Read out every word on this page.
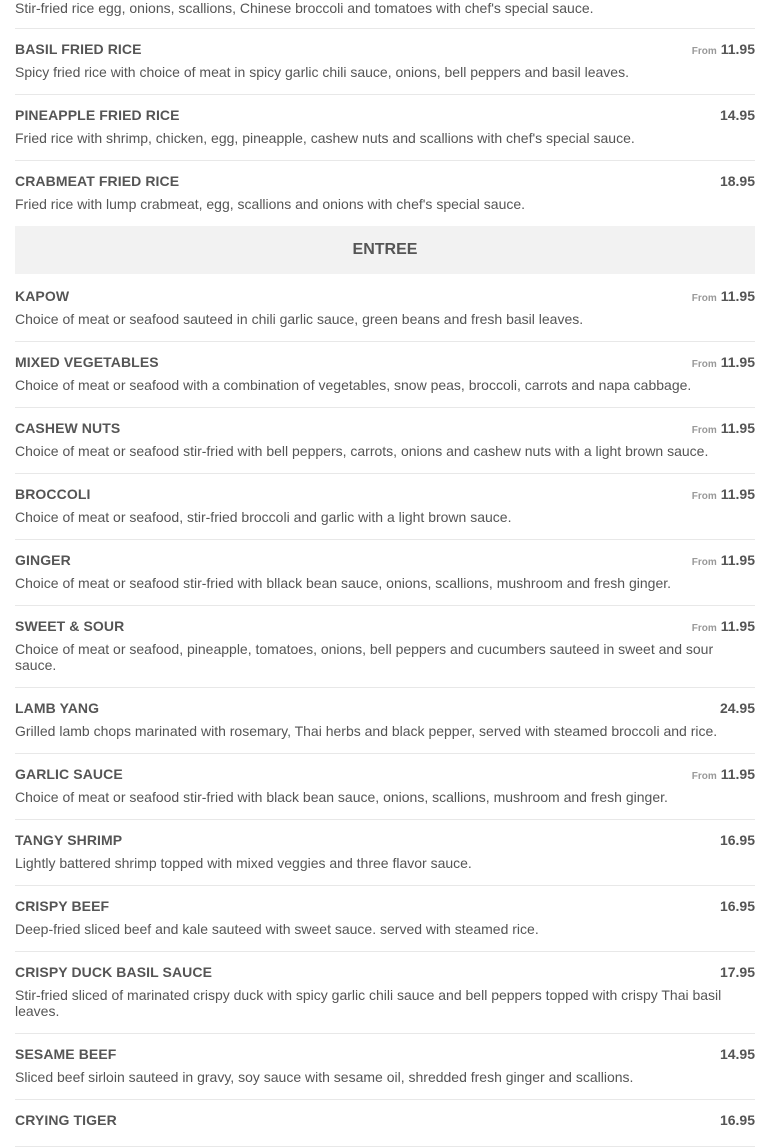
Stir-fried rice egg, onions, scallions, Chinese broccoli and tomatoes with chef's special sauce.
BASIL FRIED RICE	From 11.95
Spicy fried rice with choice of meat in spicy garlic chili sauce, onions, bell peppers and basil leaves.
PINEAPPLE FRIED RICE	14.95
Fried rice with shrimp, chicken, egg, pineapple, cashew nuts and scallions with chef's special sauce.
CRABMEAT FRIED RICE	18.95
Fried rice with lump crabmeat, egg, scallions and onions with chef's special sauce.
ENTREE
KAPOW	From 11.95
Choice of meat or seafood sauteed in chili garlic sauce, green beans and fresh basil leaves.
MIXED VEGETABLES	From 11.95
Choice of meat or seafood with a combination of vegetables, snow peas, broccoli, carrots and napa cabbage.
CASHEW NUTS	From 11.95
Choice of meat or seafood stir-fried with bell peppers, carrots, onions and cashew nuts with a light brown sauce.
BROCCOLI	From 11.95
Choice of meat or seafood, stir-fried broccoli and garlic with a light brown sauce.
GINGER	From 11.95
Choice of meat or seafood stir-fried with bllack bean sauce, onions, scallions, mushroom and fresh ginger.
SWEET & SOUR	From 11.95
Choice of meat or seafood, pineapple, tomatoes, onions, bell peppers and cucumbers sauteed in sweet and sour sauce.
LAMB YANG	24.95
Grilled lamb chops marinated with rosemary, Thai herbs and black pepper, served with steamed broccoli and rice.
GARLIC SAUCE	From 11.95
Choice of meat or seafood stir-fried with black bean sauce, onions, scallions, mushroom and fresh ginger.
TANGY SHRIMP	16.95
Lightly battered shrimp topped with mixed veggies and three flavor sauce.
CRISPY BEEF	16.95
Deep-fried sliced beef and kale sauteed with sweet sauce. served with steamed rice.
CRISPY DUCK BASIL SAUCE	17.95
Stir-fried sliced of marinated crispy duck with spicy garlic chili sauce and bell peppers topped with crispy Thai basil leaves.
SESAME BEEF	14.95
Sliced beef sirloin sauteed in gravy, soy sauce with sesame oil, shredded fresh ginger and scallions.
CRYING TIGER	16.95
